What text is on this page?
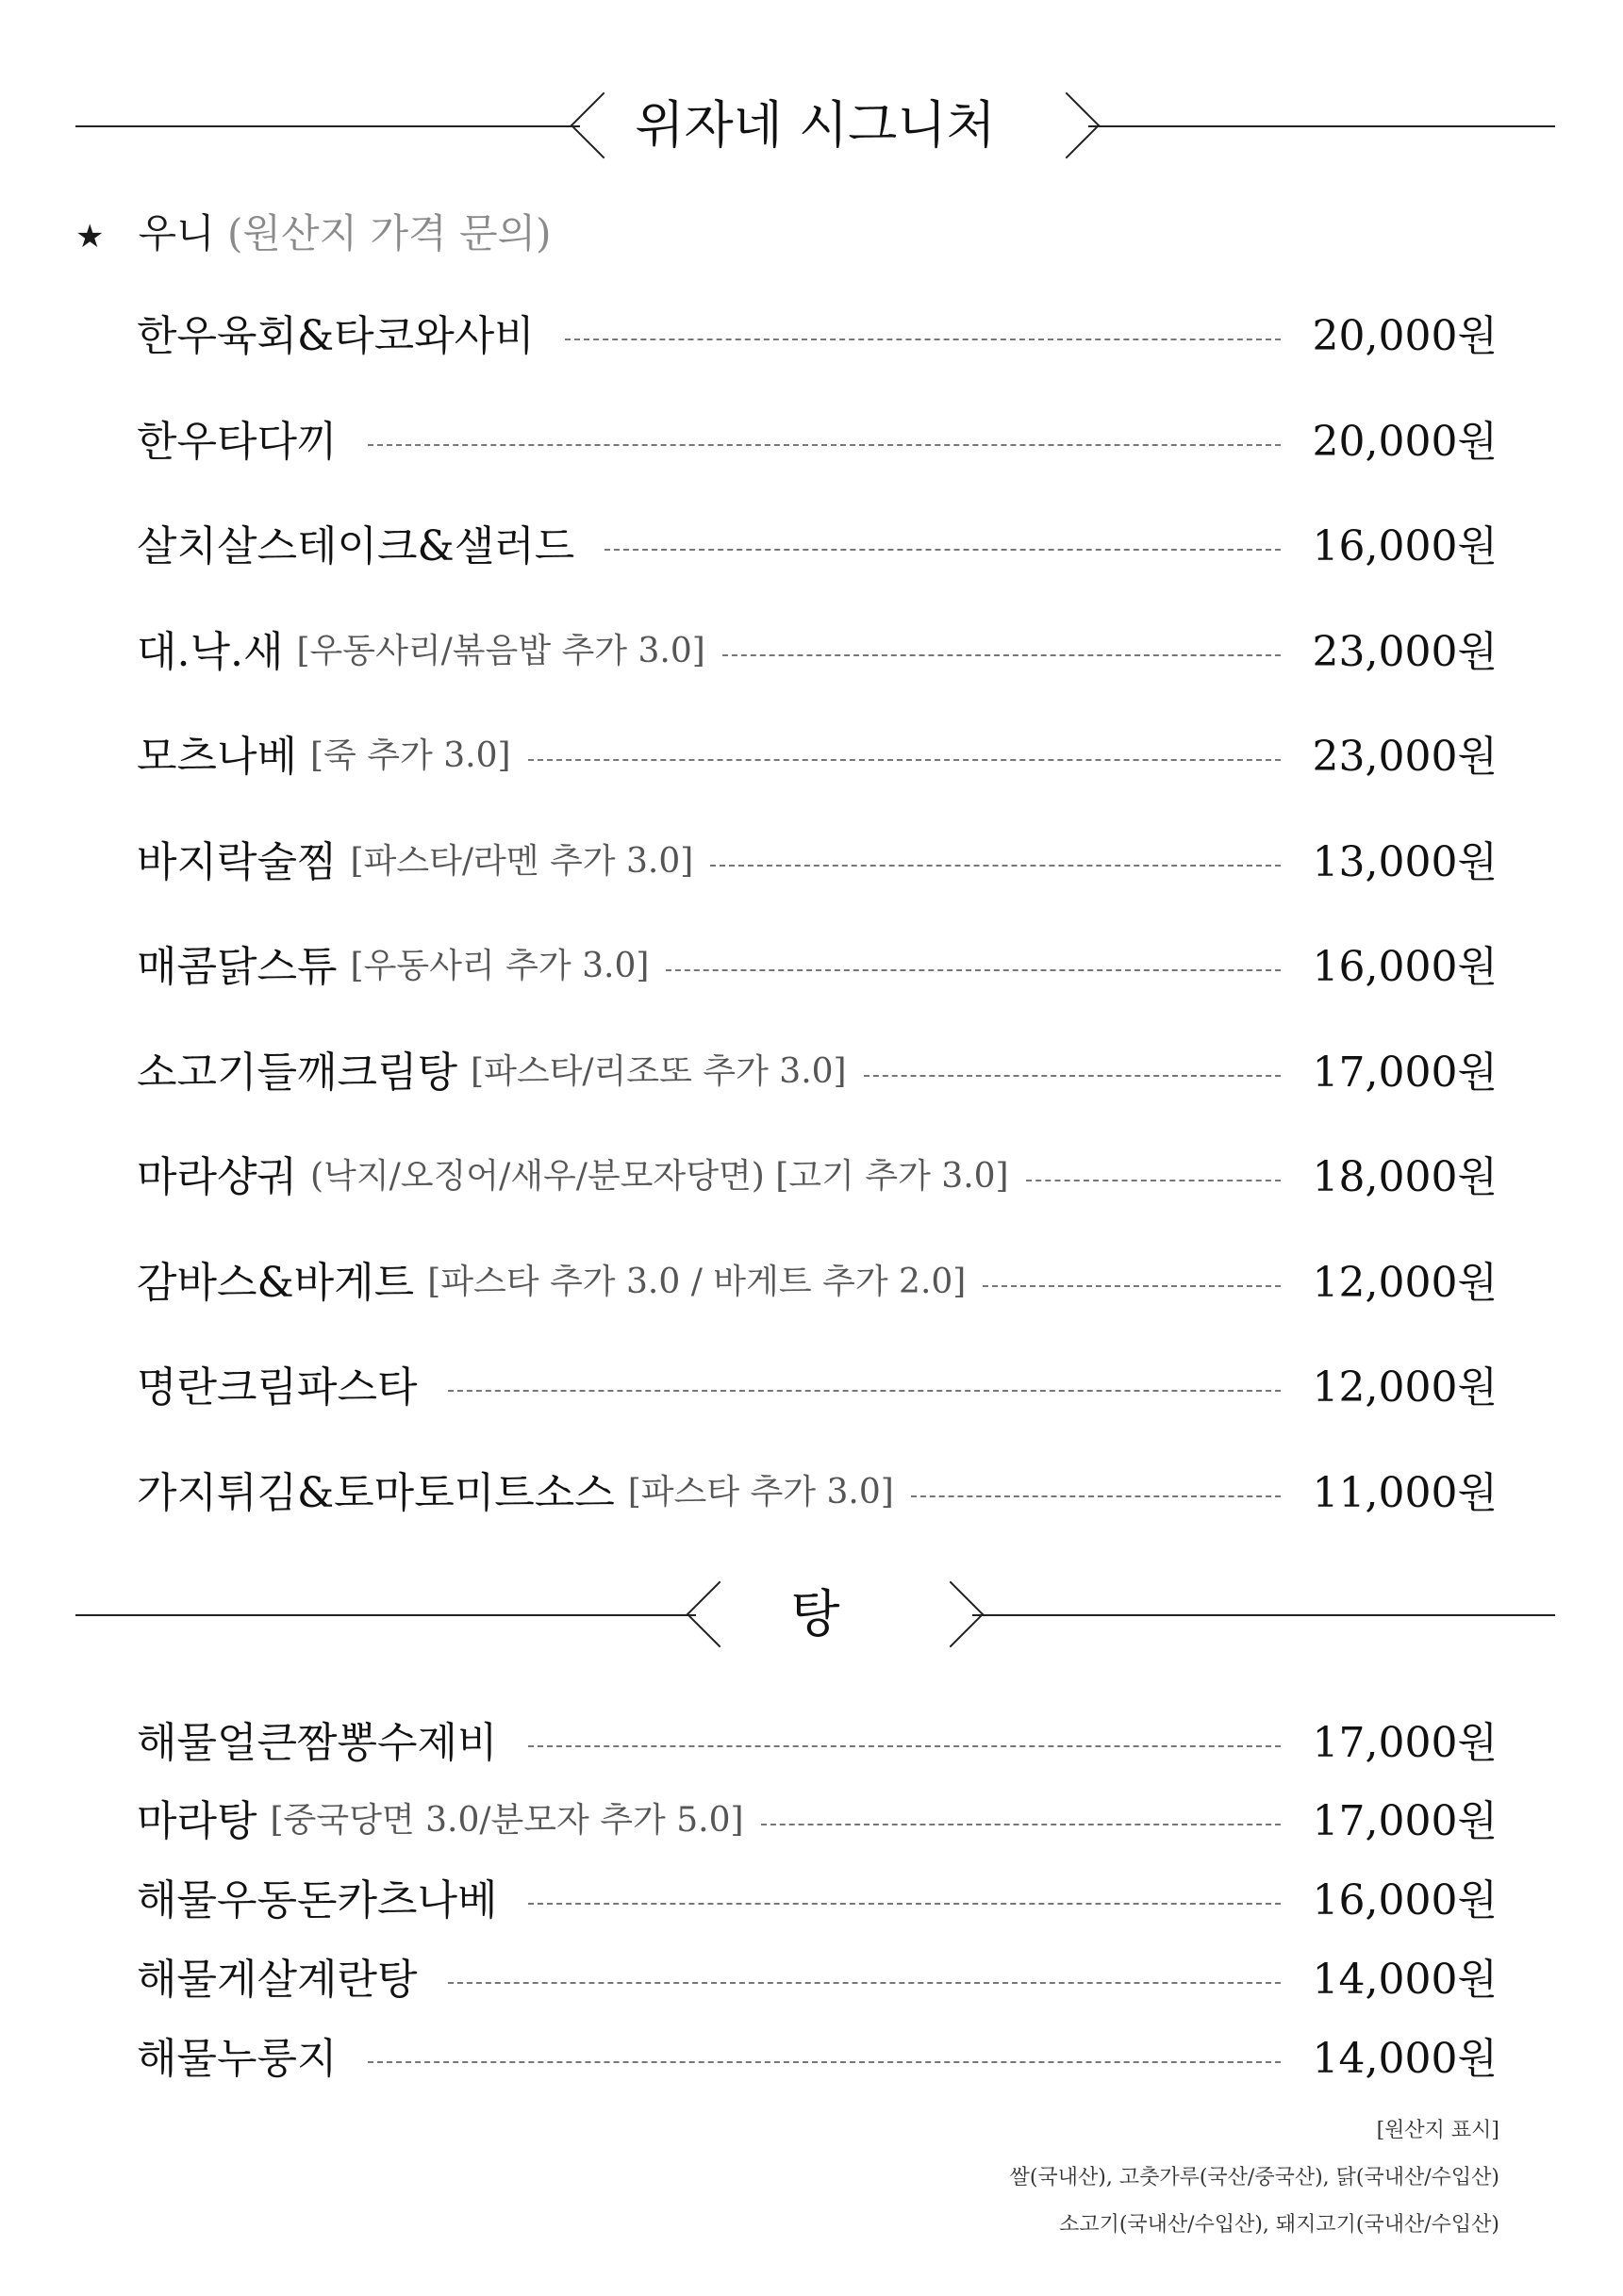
위자네 시그니처
★ 우니 (원산지 가격 문의)
한우육회&타코와사비	20,000원
한우타다끼	20,000원
살치살스테이크&샐러드	16,000원
대.낙.새 [우동사리/볶음밥 추가 3.0]	23,000원
모츠나베 [죽 추가 3.0]	23,000원
바지락술찜 [파스타/라멘 추가 3.0]	13,000원
매콤닭스튜 [우동사리 추가 3.0]	16,000원
소고기들깨크림탕 [파스타/리조또 추가 3.0]	17,000원
마라샹궈 (낙지/오징어/새우/분모자당면) [고기 추가 3.0]	18,000원
감바스&바게트 [파스타 추가 3.0 / 바게트 추가 2.0]	12,000원
명란크림파스타	12,000원
가지튀김&토마토미트소스 [파스타 추가 3.0]	11,000원
탕
해물얼큰짬뽕수제비	17,000원
마라탕 [중국당면 3.0/분모자 추가 5.0]	17,000원
해물우동돈카츠나베	16,000원
해물게살계란탕	14,000원
해물누룽지	14,000원
[원산지 표시]
쌀(국내산), 고춧가루(국산/중국산), 닭(국내산/수입산)
소고기(국내산/수입산), 돼지고기(국내산/수입산)
